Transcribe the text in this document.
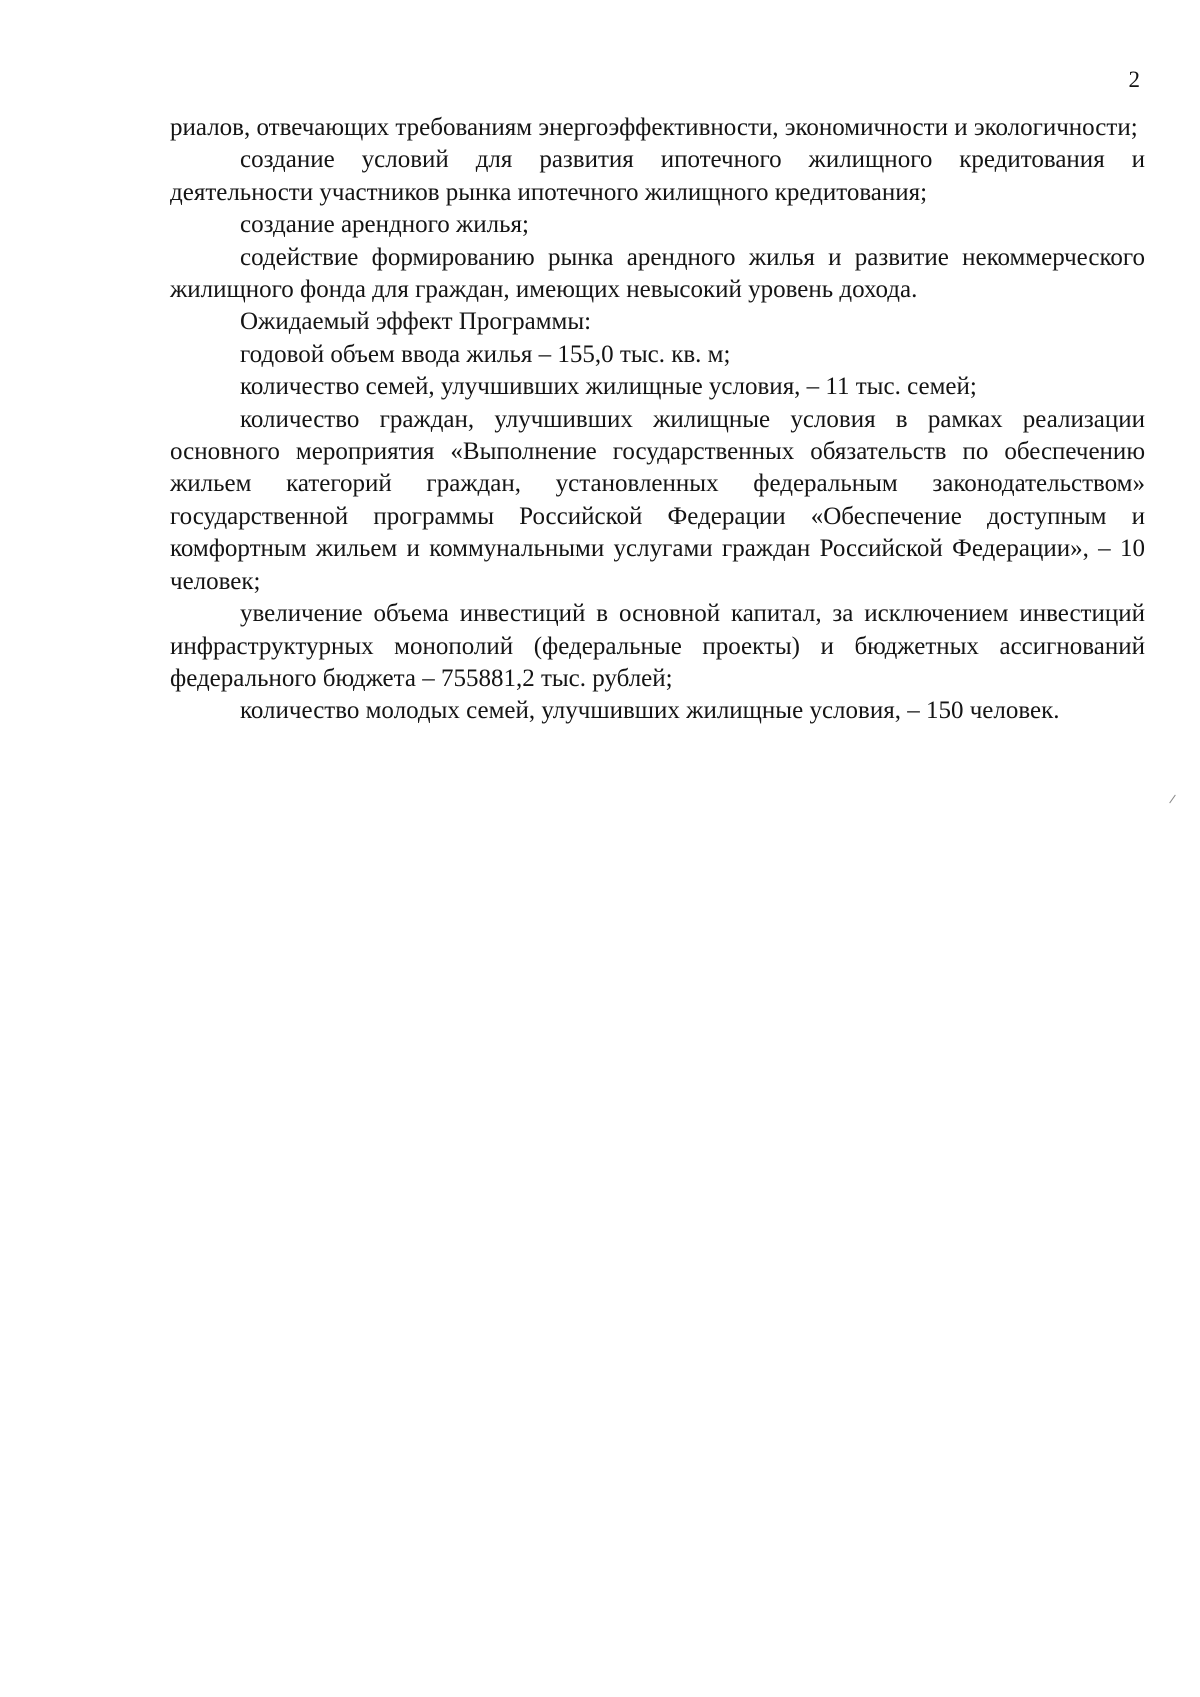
2

риалов, отвечающих требованиям энергоэффективности, экономичности и экологичности;

создание условий для развития ипотечного жилищного кредитования и деятельности участников рынка ипотечного жилищного кредитования;

создание арендного жилья;

содействие формированию рынка арендного жилья и развитие некоммерческого жилищного фонда для граждан, имеющих невысокий уровень дохода.

Ожидаемый эффект Программы:

годовой объем ввода жилья – 155,0 тыс. кв. м;

количество семей, улучшивших жилищные условия, – 11 тыс. семей;

количество граждан, улучшивших жилищные условия в рамках реализации основного мероприятия «Выполнение государственных обязательств по обеспечению жильем категорий граждан, установленных федеральным законодательством» государственной программы Российской Федерации «Обеспечение доступным и комфортным жильем и коммунальными услугами граждан Российской Федерации», – 10 человек;

увеличение объема инвестиций в основной капитал, за исключением инвестиций инфраструктурных монополий (федеральные проекты) и бюджетных ассигнований федерального бюджета – 755881,2 тыс. рублей;

количество молодых семей, улучшивших жилищные условия, – 150 человек.
